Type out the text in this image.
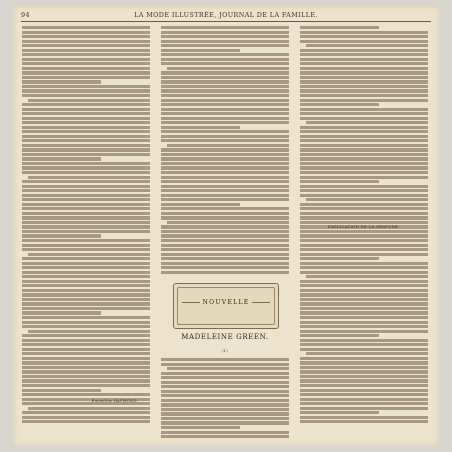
94	LA MODE ILLUSTRÉE, JOURNAL DE LA FAMILLE.
Emmeline RAYMOND.
EXPLICATION DE LA GRAVURE
NOUVELLE
MADELEINE GREEN.
(I.)
